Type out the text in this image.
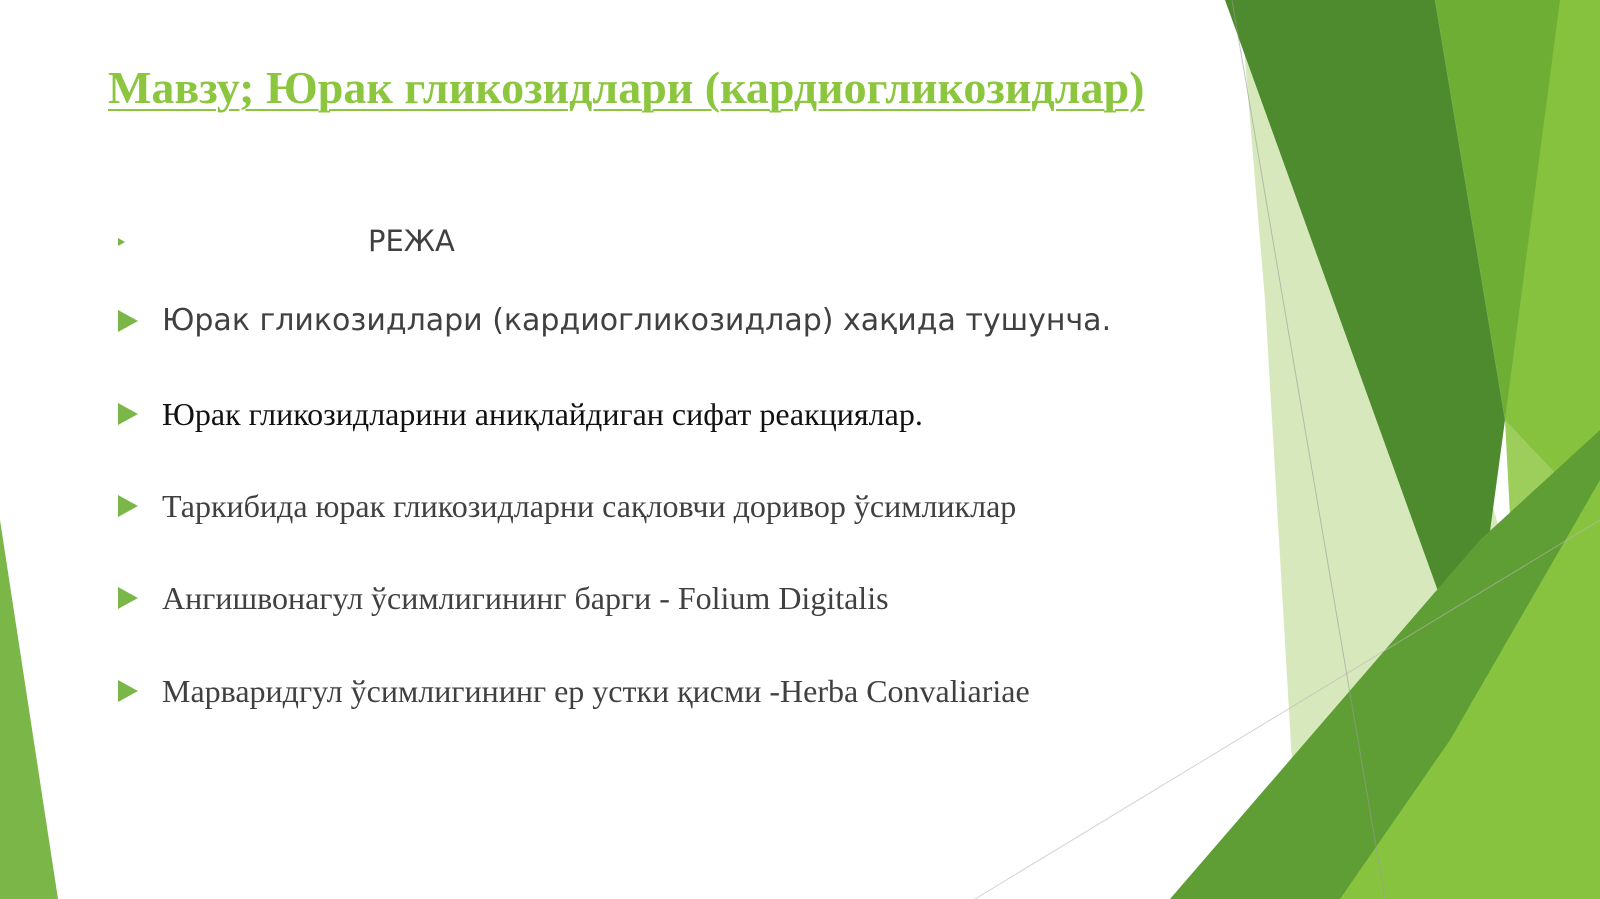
Мавзу; Юрак гликозидлари (кардиогликозидлар)
РЕЖА
Юрак гликозидлари (кардиогликозидлар) хақида тушунча.
Юрак гликозидларини аниқлайдиган сифат реакциялар.
Таркибида юрак гликозидларни сақловчи доривор ўсимликлар
Ангишвонагул ўсимлигининг барги - Folium Digitalis
Марваридгул ўсимлигининг ер устки қисми -Herba Convaliariae
